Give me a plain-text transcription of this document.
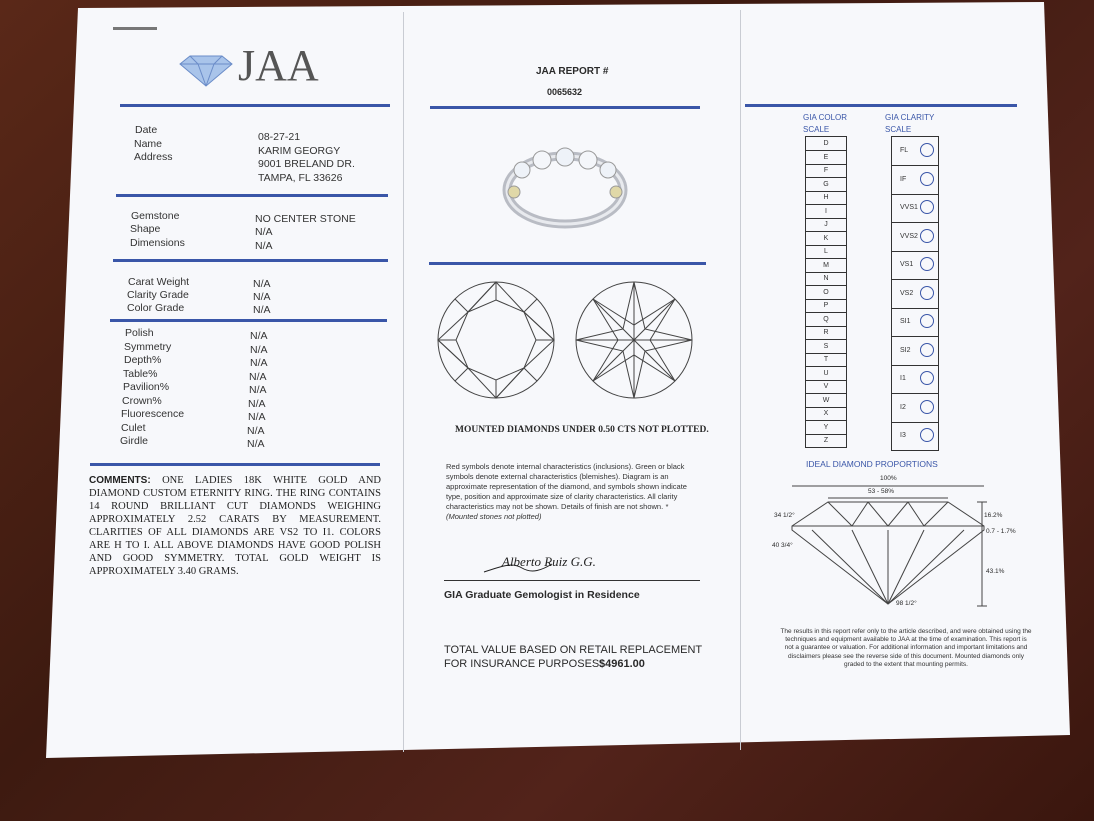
JAA
Date
Name
Address
08-27-21
KARIM GEORGY
9001 BRELAND DR.
TAMPA, FL 33626
Gemstone
Shape
Dimensions
NO CENTER STONE
N/A
N/A
Carat Weight
Clarity Grade
Color Grade
N/A
N/A
N/A
Polish
Symmetry
Depth%
Table%
Pavilion%
Crown%
Fluorescence
Culet
Girdle
N/A
N/A
N/A
N/A
N/A
N/A
N/A
N/A
N/A
COMMENTS: ONE LADIES 18K WHITE GOLD AND DIAMOND CUSTOM ETERNITY RING. THE RING CONTAINS 14 ROUND BRILLIANT CUT DIAMONDS WEIGHING APPROXIMATELY 2.52 CARATS BY MEASUREMENT. CLARITIES OF ALL DIAMONDS ARE VS2 TO I1. COLORS ARE H TO I. ALL ABOVE DIAMONDS HAVE GOOD POLISH AND GOOD SYMMETRY. TOTAL GOLD WEIGHT IS APPROXIMATELY 3.40 GRAMS.
JAA REPORT #
0065632
MOUNTED DIAMONDS UNDER 0.50 CTS NOT PLOTTED.
Red symbols denote internal characteristics (inclusions). Green or black symbols denote external characteristics (blemishes). Diagram is an approximate representation of the diamond, and symbols shown indicate type, position and approximate size of clarity characteristics. All clarity characteristics may not be shown. Details of finish are not shown. *(Mounted stones not plotted)
Alberto Ruiz G.G.
GIA Graduate Gemologist in Residence
TOTAL VALUE BASED ON RETAIL REPLACEMENT
FOR INSURANCE PURPOSES:
$4961.00
GIA COLOR
SCALE
GIA CLARITY
SCALE
D
E
F
G
H
I
J
K
L
M
N
O
P
Q
R
S
T
U
V
W
X
Y
Z
FL
IF
VVS1
VVS2
VS1
VS2
SI1
SI2
I1
I2
I3
IDEAL DIAMOND PROPORTIONS
100%
53 - 58%
34 1/2°
40 3/4°
16.2%
0.7 - 1.7%
43.1%
98 1/2°
The results in this report refer only to the article described, and were obtained using the techniques and equipment available to JAA at the time of examination. This report is not a guarantee or valuation. For additional information and important limitations and disclaimers please see the reverse side of this document. Mounted diamonds only graded to the extent that mounting permits.
